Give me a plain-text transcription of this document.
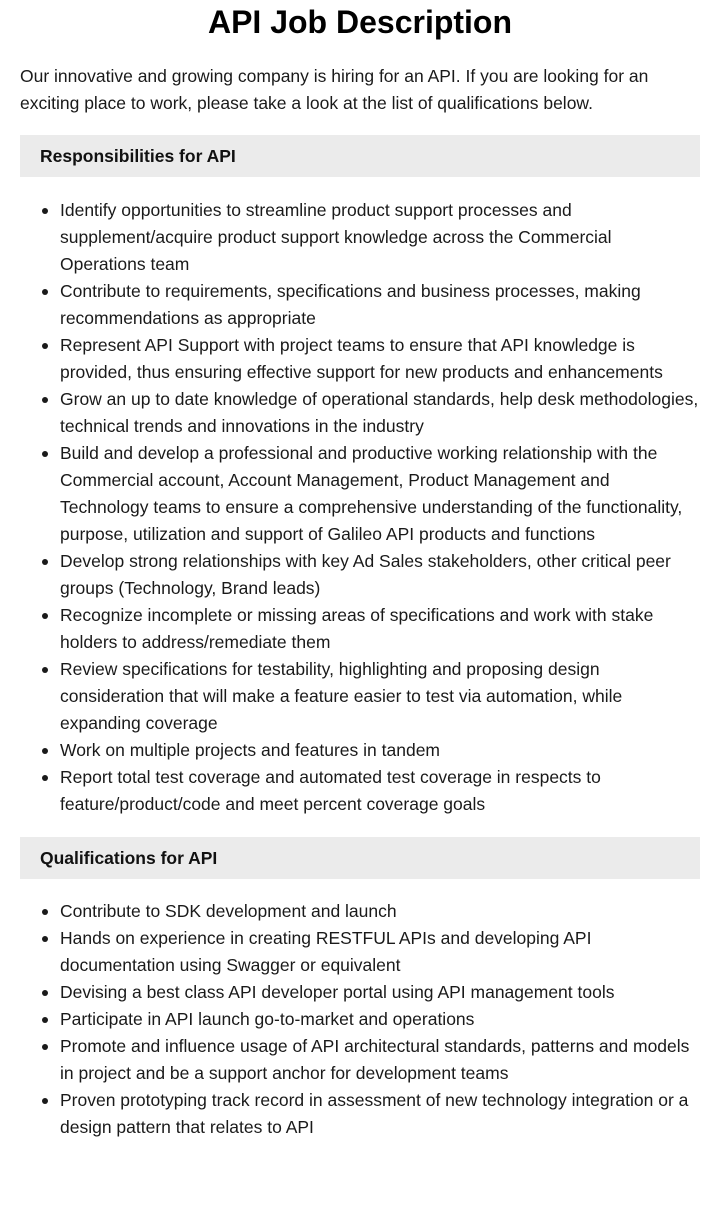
API Job Description

Our innovative and growing company is hiring for an API. If you are looking for an exciting place to work, please take a look at the list of qualifications below.

Responsibilities for API
Identify opportunities to streamline product support processes and supplement/acquire product support knowledge across the Commercial Operations team
Contribute to requirements, specifications and business processes, making recommendations as appropriate
Represent API Support with project teams to ensure that API knowledge is provided, thus ensuring effective support for new products and enhancements
Grow an up to date knowledge of operational standards, help desk methodologies, technical trends and innovations in the industry
Build and develop a professional and productive working relationship with the Commercial account, Account Management, Product Management and Technology teams to ensure a comprehensive understanding of the functionality, purpose, utilization and support of Galileo API products and functions
Develop strong relationships with key Ad Sales stakeholders, other critical peer groups (Technology, Brand leads)
Recognize incomplete or missing areas of specifications and work with stake holders to address/remediate them
Review specifications for testability, highlighting and proposing design consideration that will make a feature easier to test via automation, while expanding coverage
Work on multiple projects and features in tandem
Report total test coverage and automated test coverage in respects to feature/product/code and meet percent coverage goals
Qualifications for API
Contribute to SDK development and launch
Hands on experience in creating RESTFUL APIs and developing API documentation using Swagger or equivalent
Devising a best class API developer portal using API management tools
Participate in API launch go-to-market and operations
Promote and influence usage of API architectural standards, patterns and models in project and be a support anchor for development teams
Proven prototyping track record in assessment of new technology integration or a design pattern that relates to API
